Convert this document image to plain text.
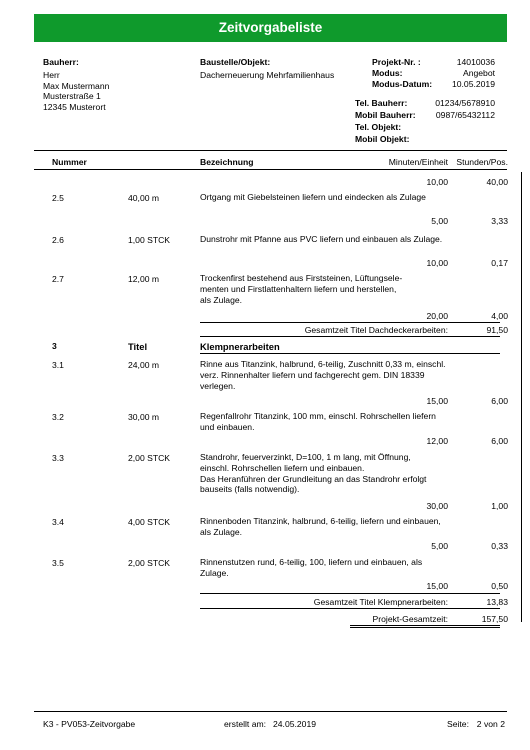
Zeitvorgabeliste
Bauherr:
Herr
Max Mustermann
Musterstraße 1
12345 Musterort
Baustelle/Objekt:
Dacherneuerung Mehrfamilienhaus
Projekt-Nr. :	14010036
Modus:	Angebot
Modus-Datum: 10.05.2019
Tel. Bauherr:	01234/5678910
Mobil Bauherr: 0987/65432112
Tel. Objekt:
Mobil Objekt:
Nummer	Bezeichnung	Minuten/Einheit Stunden/Pos.
10,00	40,00
2.5	40,00 m	Ortgang mit Giebelsteinen liefern und eindecken als Zulage
5,00	3,33
2.6	1,00 STCK	Dunstrohr mit Pfanne aus PVC liefern und einbauen als Zulage.
10,00	0,17
2.7	12,00 m	Trockenfirst bestehend aus Firststeinen, Lüftungsele-
menten und Firstlattenhaltern liefern und herstellen,
als Zulage.
20,00	4,00
Gesamtzeit Titel Dachdeckerarbeiten:	91,50
3	Titel	Klempnerarbeiten
3.1	24,00 m	Rinne aus Titanzink, halbrund, 6-teilig, Zuschnitt 0,33 m, einschl. verz. Rinnenhalter liefern und fachgerecht gem. DIN 18339 verlegen.
15,00	6,00
3.2	30,00 m	Regenfallrohr Titanzink, 100 mm, einschl. Rohrschellen liefern und einbauen.
12,00	6,00
3.3	2,00 STCK	Standrohr, feuerverzinkt, D=100, 1 m lang, mit Öffnung, einschl. Rohrschellen liefern und einbauen.
Das Heranführen der Grundleitung an das Standrohr erfolgt bauseits (falls notwendig).
30,00	1,00
3.4	4,00 STCK	Rinnenboden Titanzink, halbrund, 6-teilig, liefern und einbauen, als Zulage.
5,00	0,33
3.5	2,00 STCK	Rinnenstutzen rund, 6-teilig, 100, liefern und einbauen, als Zulage.
15,00	0,50
Gesamtzeit Titel Klempnerarbeiten:	13,83
Projekt-Gesamtzeit:	157,50
K3 - PV053-Zeitvorgabe	erstellt am: 24.05.2019	Seite: 2 von 2
